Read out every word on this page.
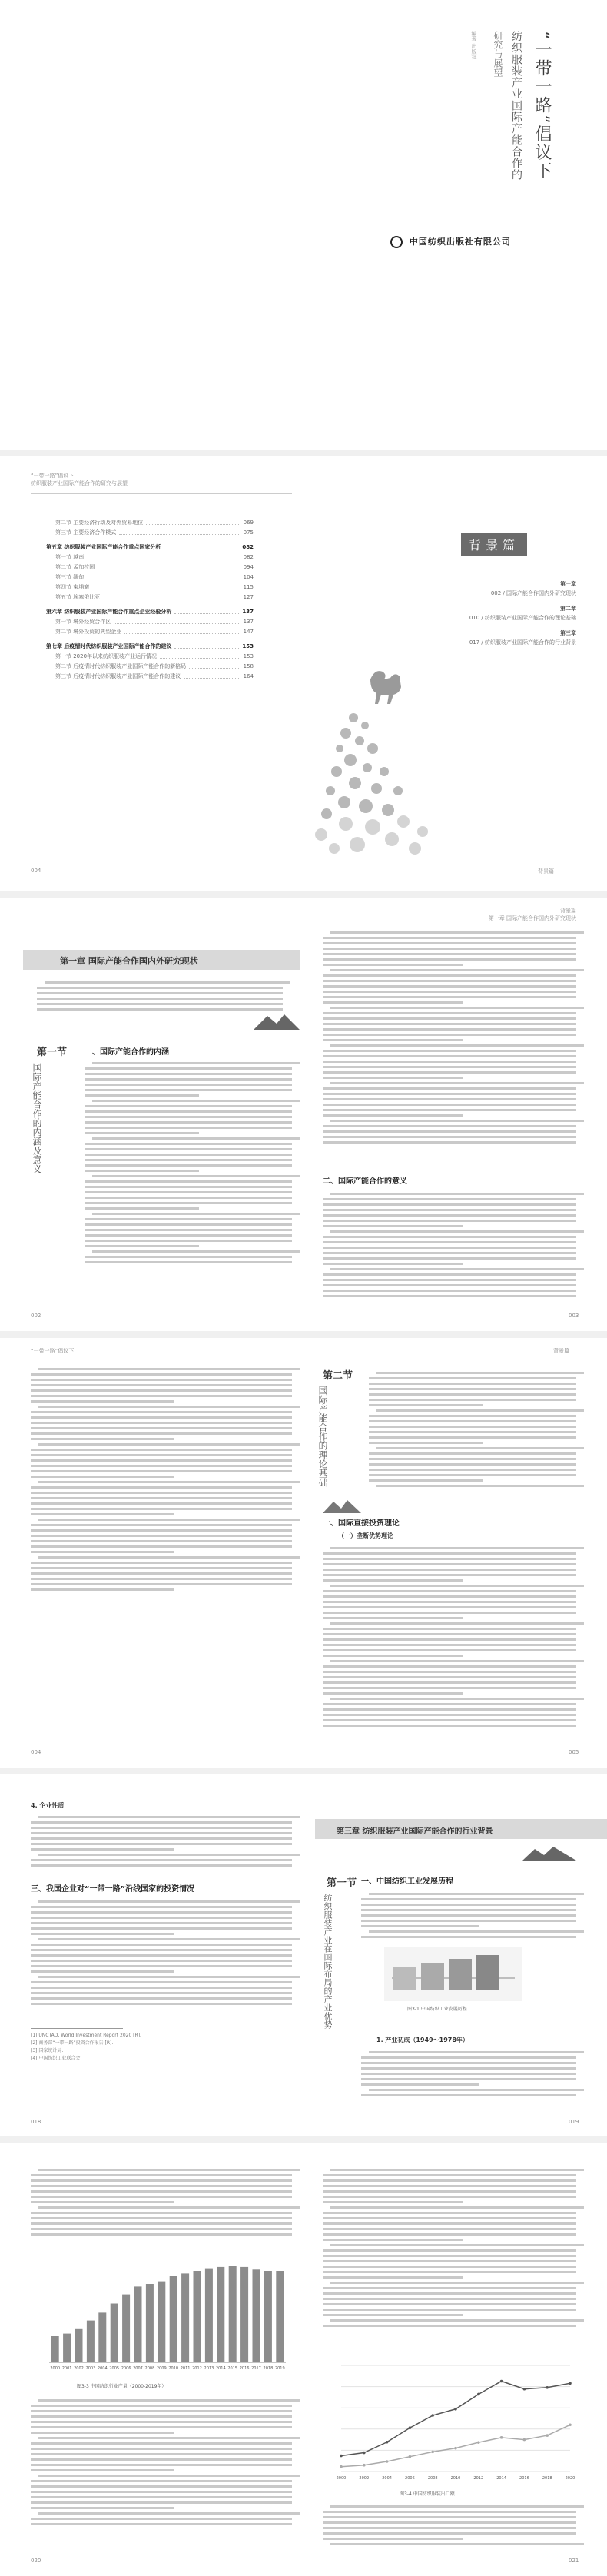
“一带一路”倡议下
纺织服装产业国际产能合作的
研究与展望
编著 出版社
中国纺织出版社有限公司
“一带一路”倡议下
纺织服装产业国际产能合作的研究与展望
第二节 主要经济行动及对外贸易地位	069
第三节 主要经济合作模式	075
第五章 纺织服装产业国际产能合作重点国家分析	082
第一节 越南	082
第二节 孟加拉国	094
第三节 缅甸	104
第四节 柬埔寨	115
第五节 埃塞俄比亚	127
第六章 纺织服装产业国际产能合作重点企业经验分析	137
第一节 境外经贸合作区	137
第二节 境外投资的典型企业	147
第七章 后疫情时代纺织服装产业国际产能合作的建议	153
第一节 2020年以来纺织服装产业运行情况	153
第二节 后疫情时代纺织服装产业国际产能合作的新格局	158
第三节 后疫情时代纺织服装产业国际产能合作的建议	164
004
背景篇
第一章
002 / 国际产能合作国内外研究现状
第二章
010 / 纺织服装产业国际产能合作的理论基础
第三章
017 / 纺织服装产业国际产能合作的行业背景
背景篇
背景篇
第一章 国际产能合作国内外研究现状
第一章 国际产能合作国内外研究现状
第一节
国际产能合作的内涵及意义
一、国际产能合作的内涵
二、国际产能合作的意义
002	003
“一带一路”倡议下	背景篇
第二节
国际产能合作的理论基础
一、国际直接投资理论
（一）垄断优势理论
004	005
4. 企业性质
三、我国企业对“一带一路”沿线国家的投资情况
[1] UNCTAD, World Investment Report 2020 [R].
[2] 商务部“一带一路”投资合作报告 [R].
[3] 国家统计局.
[4] 中国纺织工业联合会.
018
第三章 纺织服装产业国际产能合作的行业背景
第一节
纺织服装产业在国际布局的产业优势
一、中国纺织工业发展历程
图3-1 中国纺织工业发展历程
1. 产业初成（1949～1978年）
019
2000 2001 2002 2003 2004 2005 2006 2007 2008 2009 2010 2011 2012 2013 2014 2015 2016 2017 2018 2019
图3-3 中国纺织行业产量（2000-2019年）
020
2000	2002	2004	2006	2008	2010	2012	2014	2016	2018	2020
图3-4 中国纺织服装出口额
021
